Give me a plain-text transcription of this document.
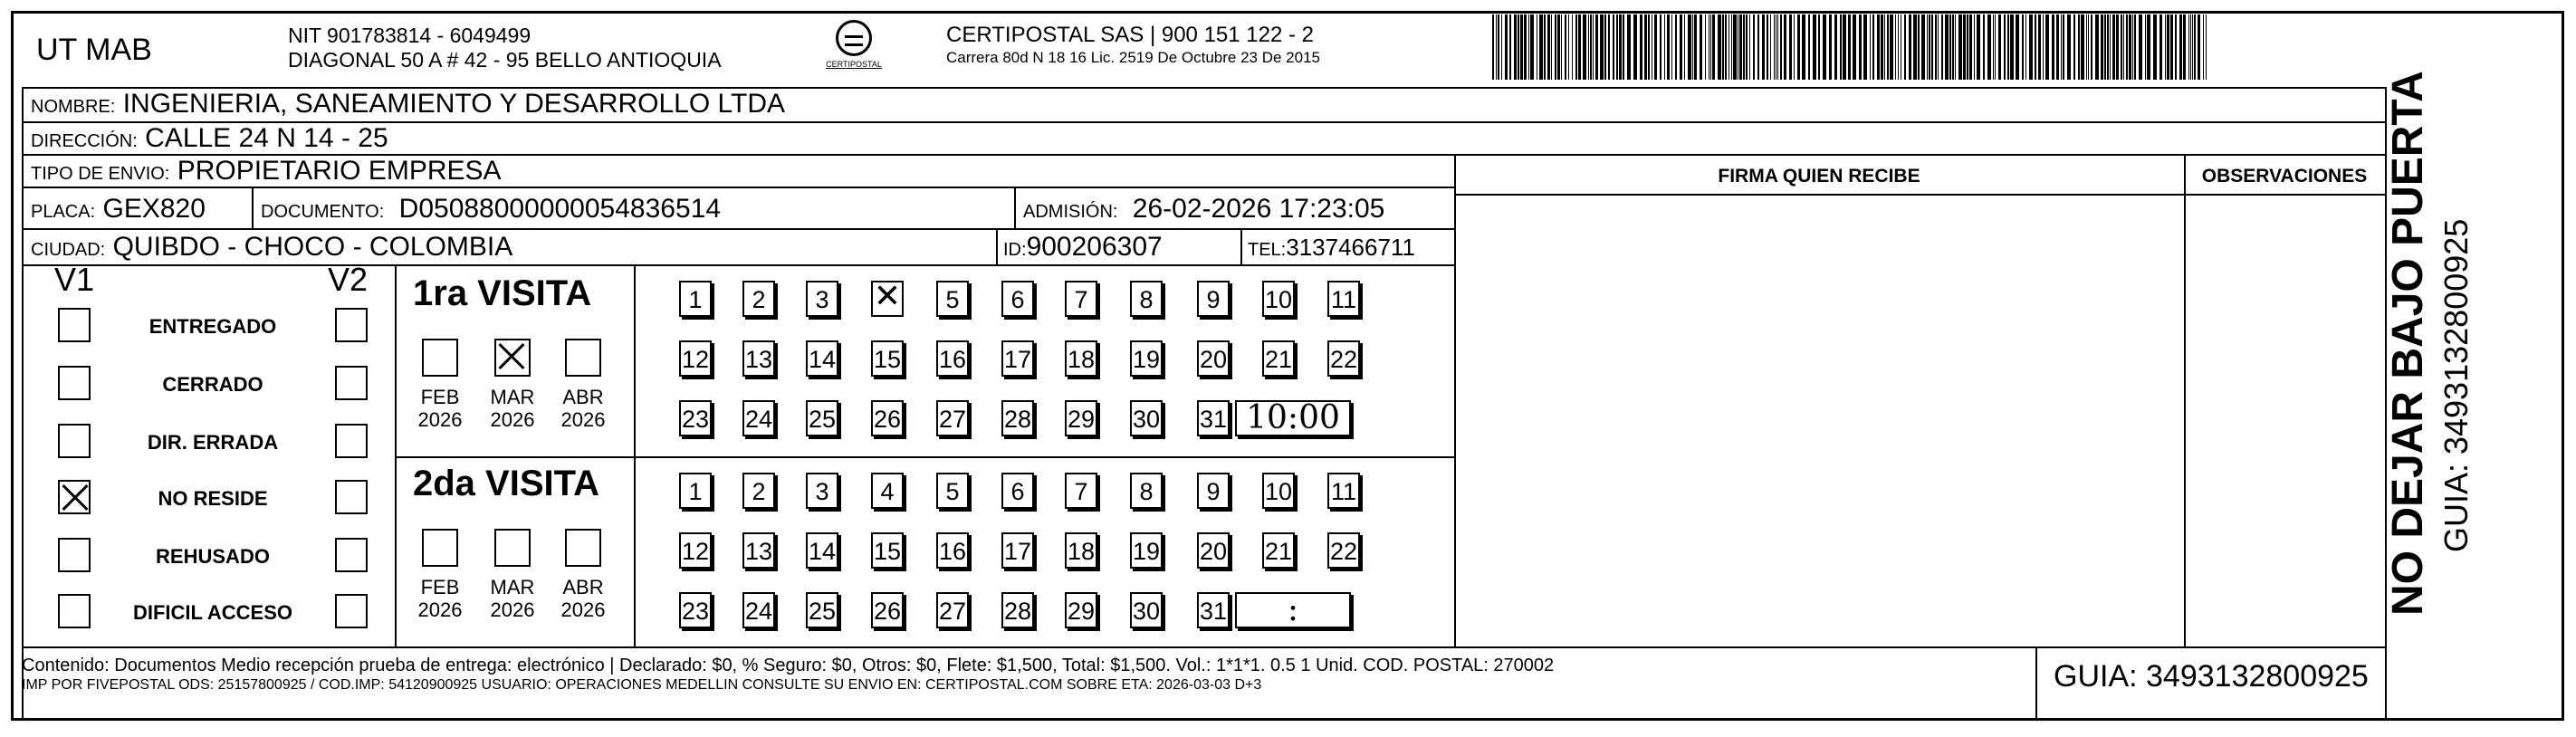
UT MAB	NIT 901783814 - 6049499
DIAGONAL 50 A # 42 - 95 BELLO ANTIOQUIA	CERTIPOSTAL
CERTIPOSTAL SAS | 900 151 122 - 2
Carrera 80d N 18 16 Lic. 2519 De Octubre 23 De 2015
NOMBRE: INGENIERIA, SANEAMIENTO Y DESARROLLO LTDA
DIRECCIÓN: CALLE 24 N 14 - 25
TIPO DE ENVIO: PROPIETARIO EMPRESA	FIRMA QUIEN RECIBE	OBSERVACIONES
PLACA: GEX820	DOCUMENTO: D05088000000054836514	ADMISIÓN: 26-02-2026 17:23:05
CIUDAD: QUIBDO - CHOCO - COLOMBIA	ID:900206307	TEL:3137466711
V1	V2
ENTREGADO
CERRADO
DIR. ERRADA
NO RESIDE
REHUSADO
DIFICIL ACCESO
1ra VISITA
2da VISITA
FEB
2026
MAR
2026
ABR
2026
FEB
2026
MAR
2026
ABR
2026
1	2	3
✕	5	6	7	8	9	10 11
12 13 14 15 16 17 18 19 20 21 22
23 24 25 26 27 28 29 30 31 10:00
1	2	3	4	5	6	7	8	9	10 11
12 13 14 15 16 17 18 19 20 21 22
23 24 25 26 27 28 29 30 31	:
Contenido: Documentos Medio recepción prueba de entrega: electrónico | Declarado: $0, % Seguro: $0, Otros: $0, Flete: $1,500, Total: $1,500. Vol.: 1*1*1. 0.5 1 Unid. COD. POSTAL: 270002
IMP POR FIVEPOSTAL ODS: 25157800925 / COD.IMP: 54120900925 USUARIO: OPERACIONES MEDELLIN CONSULTE SU ENVIO EN: CERTIPOSTAL.COM SOBRE ETA: 2026-03-03 D+3	GUIA: 3493132800925
NO DEJAR BAJO PUERTA GUIA: 3493132800925
